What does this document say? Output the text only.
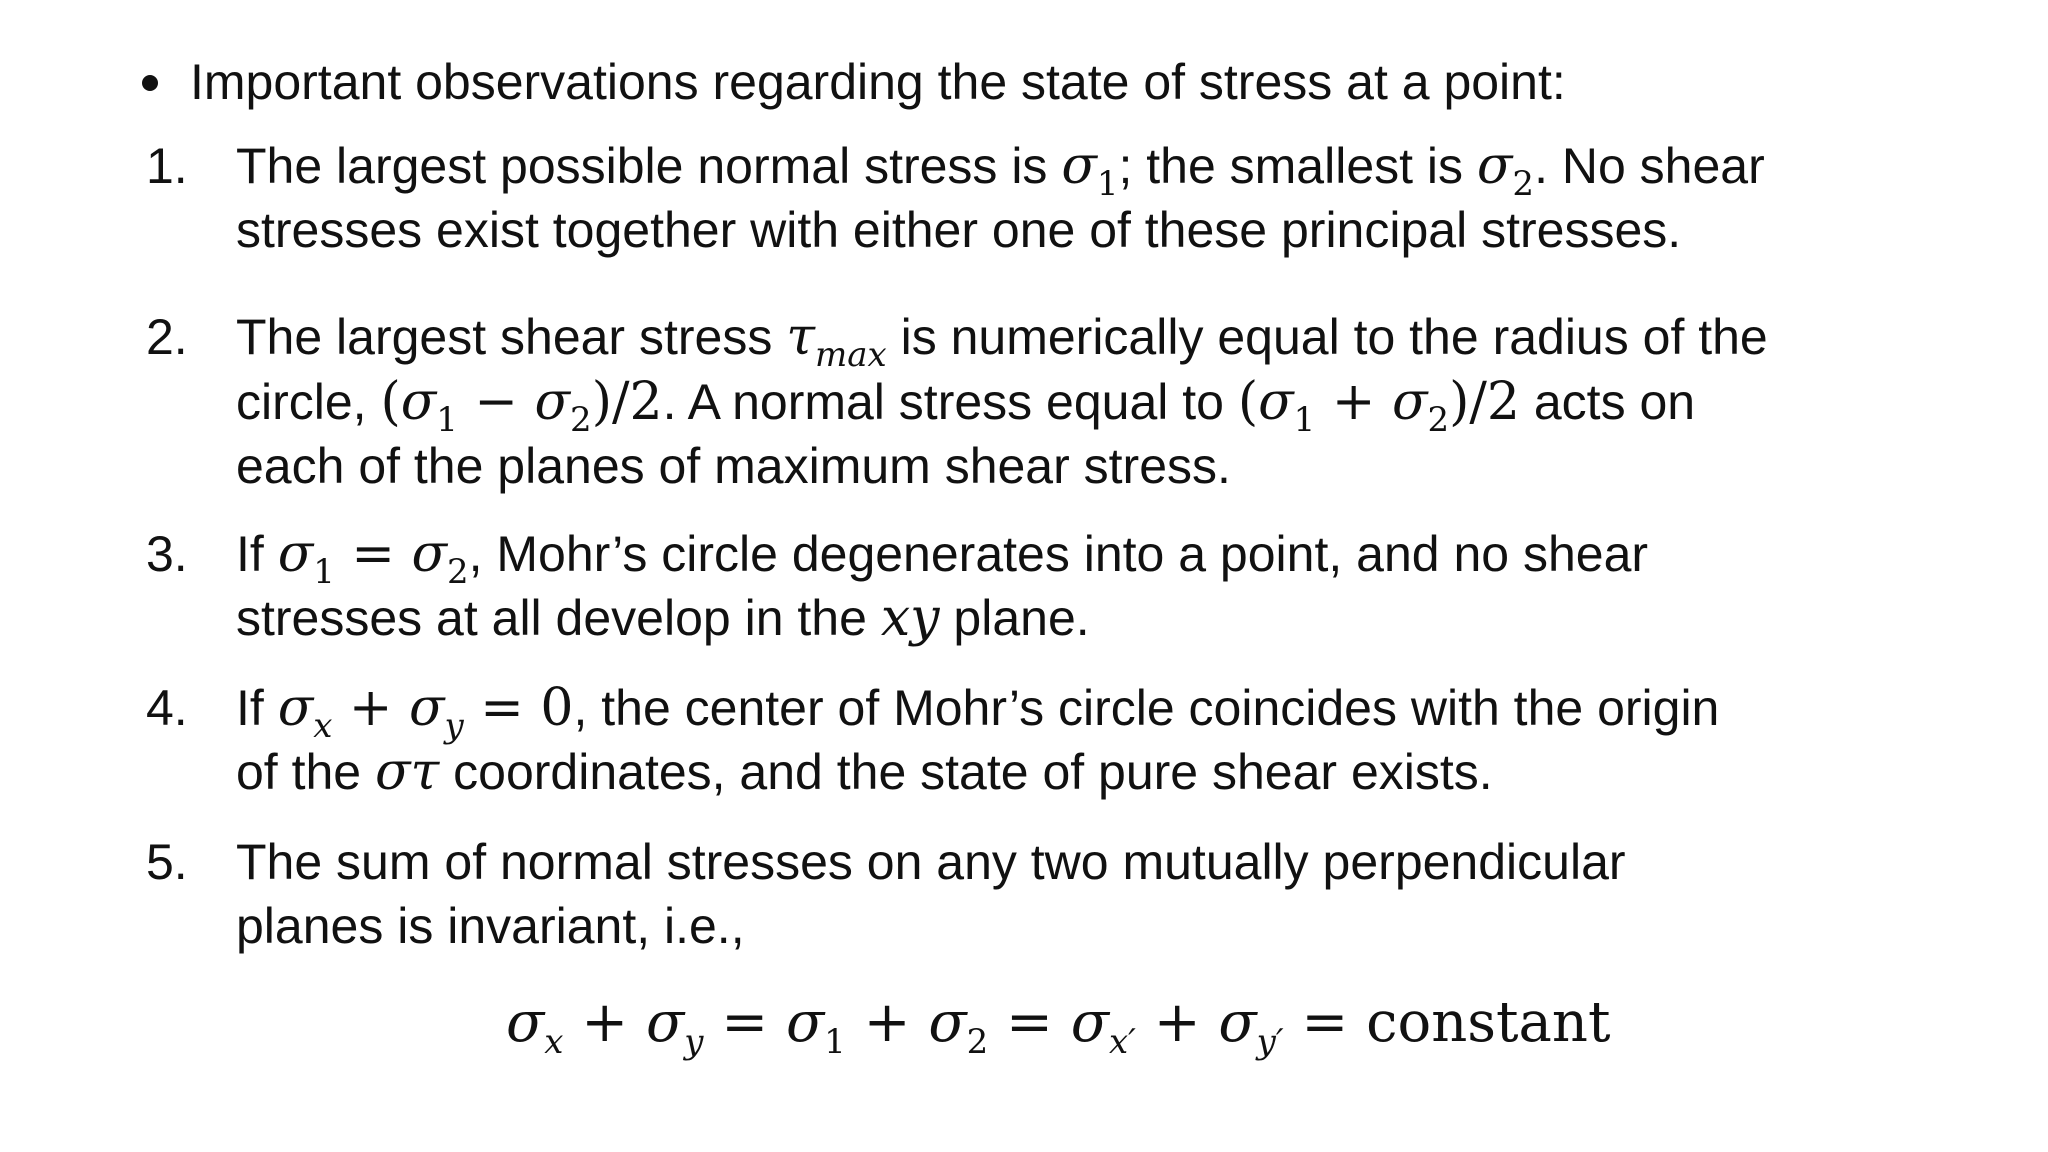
Important observations regarding the state of stress at a point:
1. The largest possible normal stress is $\sigma_1$; the smallest is $\sigma_2$. No shear
stresses exist together with either one of these principal stresses.
2. The largest shear stress $\tau_{max}$ is numerically equal to the radius of the
circle, $(\sigma_1 - \sigma_2)/2$. A normal stress equal to $(\sigma_1 + \sigma_2)/2$ acts on
each of the planes of maximum shear stress.
3. If $\sigma_1 = \sigma_2$, Mohr’s circle degenerates into a point, and no shear
stresses at all develop in the xy plane.
4. If $\sigma_x + \sigma_y = 0$, the center of Mohr’s circle coincides with the origin
of the στ coordinates, and the state of pure shear exists.
5. The sum of normal stresses on any two mutually perpendicular
planes is invariant, i.e.,
$\sigma_x + \sigma_y = \sigma_1 + \sigma_2 = \sigma_{x'} + \sigma_{y'}$ = constant
